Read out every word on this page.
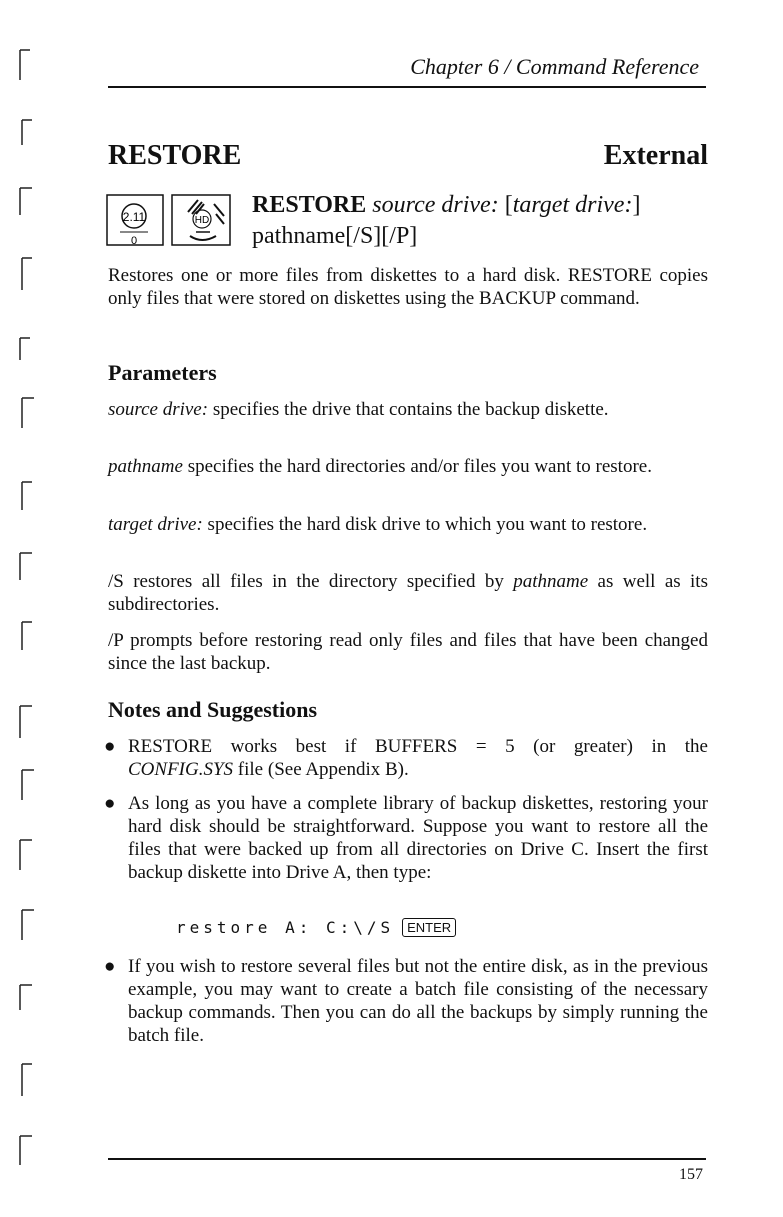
Chapter 6 / Command Reference
RESTORE	External
2.11
0
HD
RESTORE source drive: [target drive:]
pathname[/S][/P]
Restores one or more files from diskettes to a hard disk. RESTORE copies only files that were stored on diskettes using the BACKUP command.
Parameters
source drive: specifies the drive that contains the backup diskette.
pathname specifies the hard directories and/or files you want to restore.
target drive: specifies the hard disk drive to which you want to restore.
/S restores all files in the directory specified by pathname as well as its subdirectories.
/P prompts before restoring read only files and files that have been changed since the last backup.
Notes and Suggestions
● RESTORE works best if BUFFERS = 5 (or greater) in the
CONFIG.SYS file (See Appendix B).
● As long as you have a complete library of backup diskettes, restoring your hard disk should be straightforward. Suppose you want to restore all the files that were backed up from all directories on Drive C. Insert the first backup diskette into Drive A, then type:
restore A: C:\/S ENTER
● If you wish to restore several files but not the entire disk, as in the previous example, you may want to create a batch file consisting of the necessary backup commands. Then you can do all the backups by simply running the batch file.
157
